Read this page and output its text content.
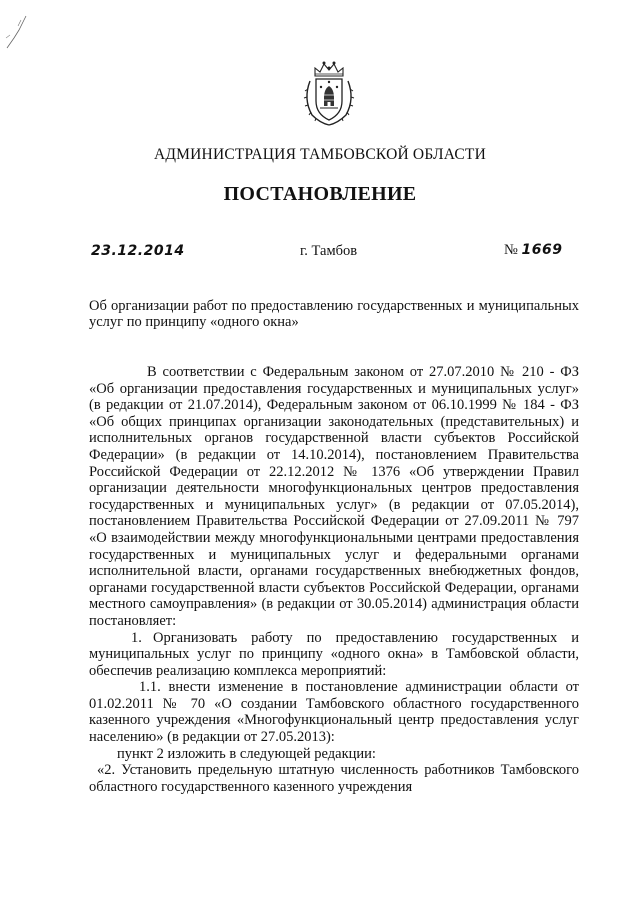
АДМИНИСТРАЦИЯ ТАМБОВСКОЙ ОБЛАСТИ
ПОСТАНОВЛЕНИЕ
23.12.2014	г. Тамбов	№ 1669
Об организации работ по предоставлению государственных и муниципальных услуг по принципу «одного окна»

В соответствии с Федеральным законом от 27.07.2010 № 210 - ФЗ «Об организации предоставления государственных и муниципальных услуг» (в редакции от 21.07.2014), Федеральным законом от 06.10.1999 № 184 - ФЗ «Об общих принципах организации законодательных (представительных) и исполнительных органов государственной власти субъектов Российской Федерации» (в редакции от 14.10.2014), постановлением Правительства Российской Федерации от 22.12.2012 № 1376 «Об утверждении Правил организации деятельности многофункциональных центров предоставления государственных и муниципальных услуг» (в редакции от 07.05.2014), постановлением Правительства Российской Федерации от 27.09.2011 № 797 «О взаимодействии между многофункциональными центрами предоставления государственных и муниципальных услуг и федеральными органами исполнительной власти, органами государственных внебюджетных фондов, органами государственной власти субъектов Российской Федерации, органами местного самоуправления» (в редакции от 30.05.2014) администрация области постановляет:

1. Организовать работу по предоставлению государственных и муниципальных услуг по принципу «одного окна» в Тамбовской области, обеспечив реализацию комплекса мероприятий:

1.1. внести изменение в постановление администрации области от 01.02.2011 № 70 «О создании Тамбовского областного государственного казенного учреждения «Многофункциональный центр предоставления услуг населению» (в редакции от 27.05.2013):

пункт 2 изложить в следующей редакции:

«2. Установить предельную штатную численность работников Тамбовского областного государственного казенного учреждения
